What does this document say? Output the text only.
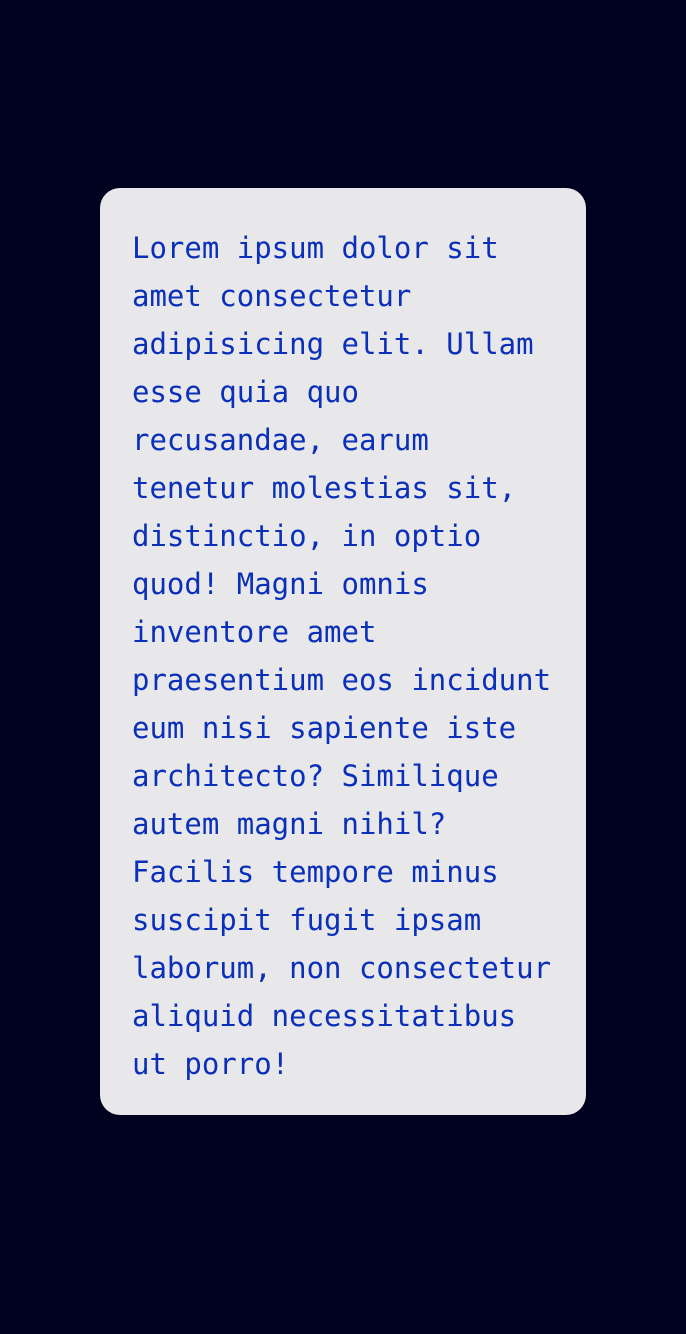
Lorem ipsum dolor sit
amet consectetur
adipisicing elit. Ullam
esse quia quo
recusandae, earum
tenetur molestias sit,
distinctio, in optio
quod! Magni omnis
inventore amet
praesentium eos incidunt
eum nisi sapiente iste
architecto? Similique
autem magni nihil?
Facilis tempore minus
suscipit fugit ipsam
laborum, non consectetur
aliquid necessitatibus
ut porro!
